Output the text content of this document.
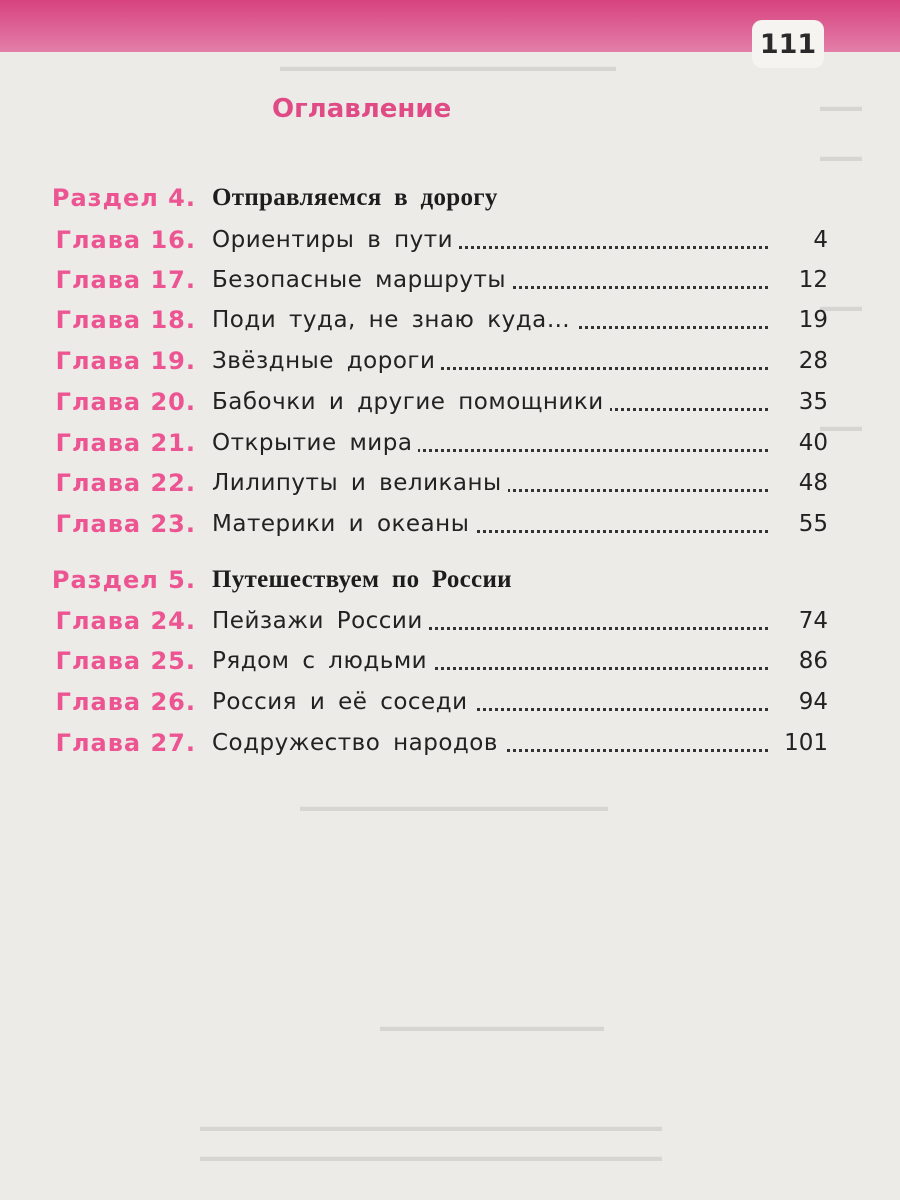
111
▬▬▬▬▬▬▬▬▬▬▬▬▬▬▬▬▬▬▬▬▬▬▬▬
▬▬▬
▬▬▬
▬▬▬
▬▬▬
▬▬▬▬▬▬▬▬▬▬▬▬▬▬▬▬▬▬▬▬▬▬
▬▬▬▬▬▬▬▬▬▬▬▬▬▬▬▬
▬▬▬▬▬▬▬▬▬▬▬▬▬▬▬▬▬▬▬▬▬▬▬▬▬▬▬▬▬▬▬▬▬
▬▬▬▬▬▬▬▬▬▬▬▬▬▬▬▬▬▬▬▬▬▬▬▬▬▬▬▬▬▬▬▬▬
Оглавление
Раздел 4. Отправляемся в дорогу
Глава 16. Ориентиры в пути	4
Глава 17. Безопасные маршруты	12
Глава 18. Поди туда, не знаю куда…	19
Глава 19. Звёздные дороги	28
Глава 20. Бабочки и другие помощники	35
Глава 21. Открытие мира	40
Глава 22. Лилипуты и великаны	48
Глава 23. Материки и океаны	55
Раздел 5. Путешествуем по России
Глава 24. Пейзажи России	74
Глава 25. Рядом с людьми	86
Глава 26. Россия и её соседи	94
Глава 27. Содружество народов	101
